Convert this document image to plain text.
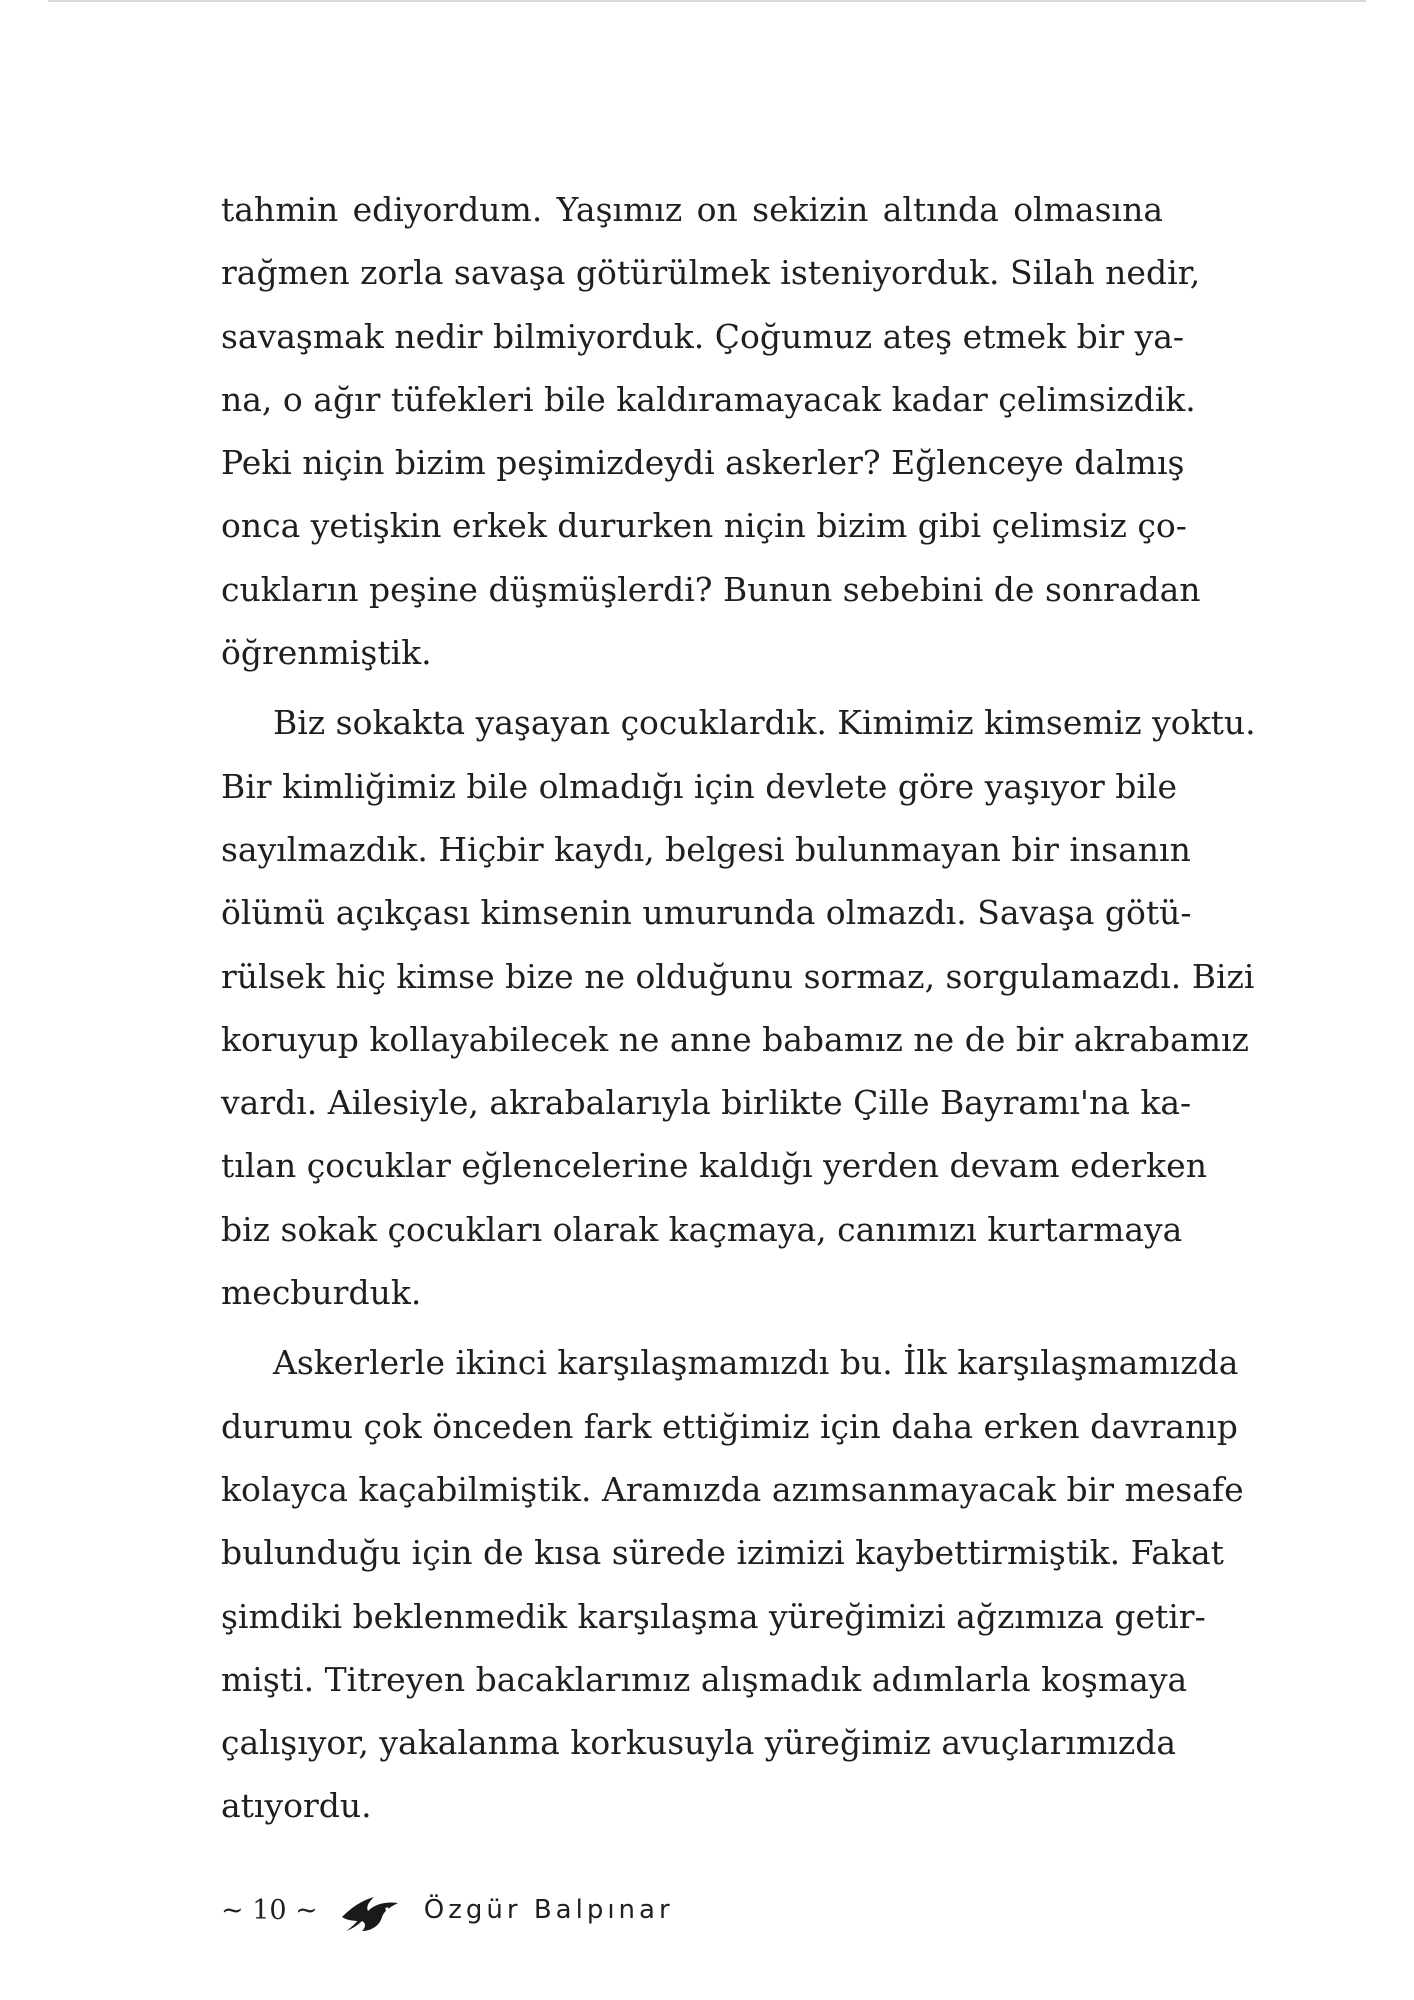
tahmin ediyordum. Yaşımız on sekizin altında olmasına
rağmen zorla savaşa götürülmek isteniyorduk. Silah nedir,
savaşmak nedir bilmiyorduk. Çoğumuz ateş etmek bir ya-
na, o ağır tüfekleri bile kaldıramayacak kadar çelimsizdik.
Peki niçin bizim peşimizdeydi askerler? Eğlenceye dalmış
onca yetişkin erkek dururken niçin bizim gibi çelimsiz ço-
cukların peşine düşmüşlerdi? Bunun sebebini de sonradan
öğrenmiştik.
Biz sokakta yaşayan çocuklardık. Kimimiz kimsemiz yoktu.
Bir kimliğimiz bile olmadığı için devlete göre yaşıyor bile
sayılmazdık. Hiçbir kaydı, belgesi bulunmayan bir insanın
ölümü açıkçası kimsenin umurunda olmazdı. Savaşa götü-
rülsek hiç kimse bize ne olduğunu sormaz, sorgulamazdı. Bizi
koruyup kollayabilecek ne anne babamız ne de bir akrabamız
vardı. Ailesiyle, akrabalarıyla birlikte Çille Bayramı'na ka-
tılan çocuklar eğlencelerine kaldığı yerden devam ederken
biz sokak çocukları olarak kaçmaya, canımızı kurtarmaya
mecburduk.
Askerlerle ikinci karşılaşmamızdı bu. İlk karşılaşmamızda
durumu çok önceden fark ettiğimiz için daha erken davranıp
kolayca kaçabilmiştik. Aramızda azımsanmayacak bir mesafe
bulunduğu için de kısa sürede izimizi kaybettirmiştik. Fakat
şimdiki beklenmedik karşılaşma yüreğimizi ağzımıza getir-
mişti. Titreyen bacaklarımız alışmadık adımlarla koşmaya
çalışıyor, yakalanma korkusuyla yüreğimiz avuçlarımızda
atıyordu.
~ 10 ~	Özgür Balpınar
